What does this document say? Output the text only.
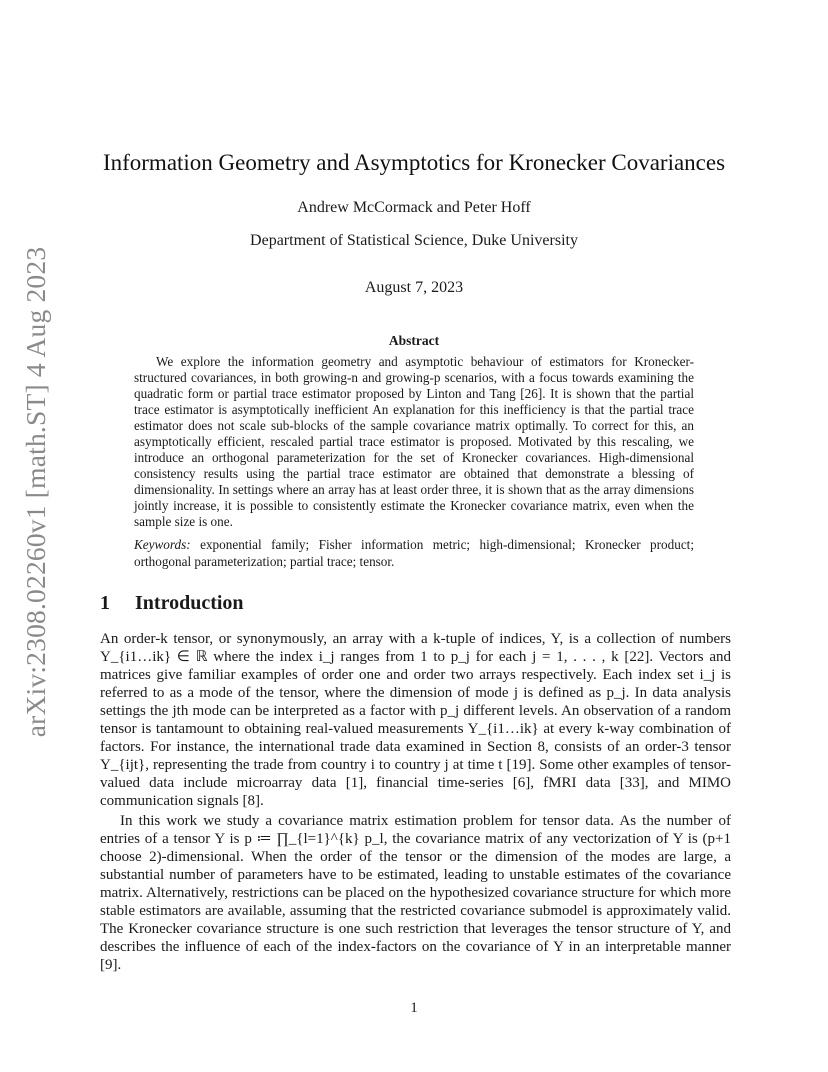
arXiv:2308.02260v1 [math.ST] 4 Aug 2023
Information Geometry and Asymptotics for Kronecker Covariances
Andrew McCormack and Peter Hoff
Department of Statistical Science, Duke University
August 7, 2023
Abstract
We explore the information geometry and asymptotic behaviour of estimators for Kronecker-structured covariances, in both growing-n and growing-p scenarios, with a focus towards examining the quadratic form or partial trace estimator proposed by Linton and Tang [26]. It is shown that the partial trace estimator is asymptotically inefficient An explanation for this inefficiency is that the partial trace estimator does not scale sub-blocks of the sample covariance matrix optimally. To correct for this, an asymptotically efficient, rescaled partial trace estimator is proposed. Motivated by this rescaling, we introduce an orthogonal parameterization for the set of Kronecker covariances. High-dimensional consistency results using the partial trace estimator are obtained that demonstrate a blessing of dimensionality. In settings where an array has at least order three, it is shown that as the array dimensions jointly increase, it is possible to consistently estimate the Kronecker covariance matrix, even when the sample size is one.
Keywords: exponential family; Fisher information metric; high-dimensional; Kronecker product; orthogonal parameterization; partial trace; tensor.
1 Introduction
An order-k tensor, or synonymously, an array with a k-tuple of indices, Y, is a collection of numbers Y_{i1…ik} ∈ ℝ where the index i_j ranges from 1 to p_j for each j = 1, . . . , k [22]. Vectors and matrices give familiar examples of order one and order two arrays respectively. Each index set i_j is referred to as a mode of the tensor, where the dimension of mode j is defined as p_j. In data analysis settings the jth mode can be interpreted as a factor with p_j different levels. An observation of a random tensor is tantamount to obtaining real-valued measurements Y_{i1…ik} at every k-way combination of factors. For instance, the international trade data examined in Section 8, consists of an order-3 tensor Y_{ijt}, representing the trade from country i to country j at time t [19]. Some other examples of tensor-valued data include microarray data [1], financial time-series [6], fMRI data [33], and MIMO communication signals [8].
In this work we study a covariance matrix estimation problem for tensor data. As the number of entries of a tensor Y is p ≔ ∏_{l=1}^{k} p_l, the covariance matrix of any vectorization of Y is (p+1 choose 2)-dimensional. When the order of the tensor or the dimension of the modes are large, a substantial number of parameters have to be estimated, leading to unstable estimates of the covariance matrix. Alternatively, restrictions can be placed on the hypothesized covariance structure for which more stable estimators are available, assuming that the restricted covariance submodel is approximately valid. The Kronecker covariance structure is one such restriction that leverages the tensor structure of Y, and describes the influence of each of the index-factors on the covariance of Y in an interpretable manner [9].
1
